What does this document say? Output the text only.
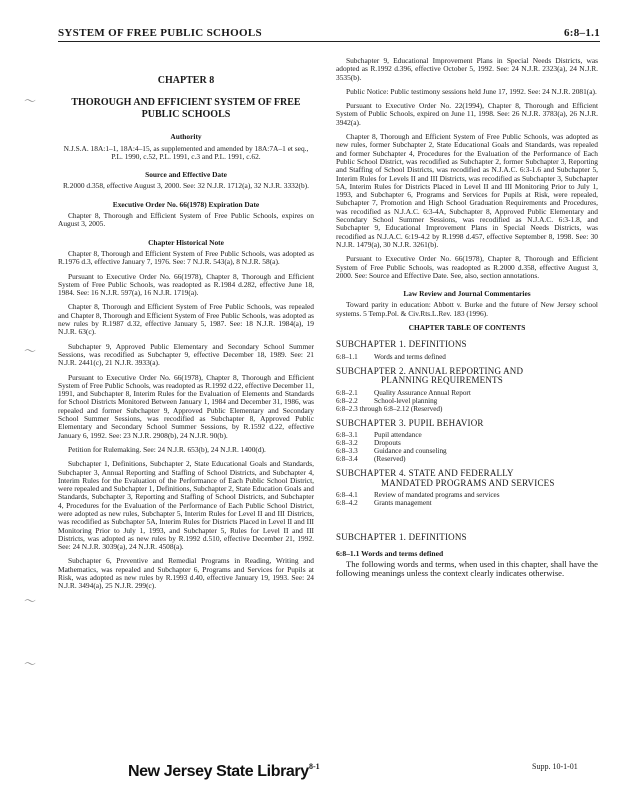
SYSTEM OF FREE PUBLIC SCHOOLS	6:8–1.1
〜
〜
〜
〜
CHAPTER 8
THOROUGH AND EFFICIENT SYSTEM OF FREE PUBLIC SCHOOLS
Authority

N.J.S.A. 18A:1–1, 18A:4–15, as supplemented and amended by 18A:7A–1 et seq., P.L. 1990, c.52, P.L. 1991, c.3 and P.L. 1991, c.62.

Source and Effective Date

R.2000 d.358, effective August 3, 2000. See: 32 N.J.R. 1712(a), 32 N.J.R. 3332(b).

Executive Order No. 66(1978) Expiration Date

Chapter 8, Thorough and Efficient System of Free Public Schools, expires on August 3, 2005.

Chapter Historical Note

Chapter 8, Thorough and Efficient System of Free Public Schools, was adopted as R.1976 d.3, effective January 7, 1976. See: 7 N.J.R. 543(a), 8 N.J.R. 58(a).

Pursuant to Executive Order No. 66(1978), Chapter 8, Thorough and Efficient System of Free Public Schools, was readopted as R.1984 d.282, effective June 18, 1984. See: 16 N.J.R. 597(a), 16 N.J.R. 1719(a).

Chapter 8, Thorough and Efficient System of Free Public Schools, was repealed and Chapter 8, Thorough and Efficient System of Free Public Schools, was adopted as new rules by R.1987 d.32, effective January 5, 1987. See: 18 N.J.R. 1984(a), 19 N.J.R. 63(c).

Subchapter 9, Approved Public Elementary and Secondary School Summer Sessions, was recodified as Subchapter 9, effective December 18, 1989. See: 21 N.J.R. 2441(c), 21 N.J.R. 3933(a).

Pursuant to Executive Order No. 66(1978), Chapter 8, Thorough and Efficient System of Free Public Schools, was readopted as R.1992 d.22, effective December 11, 1991, and Subchapter 8, Interim Rules for the Evaluation of Elements and Standards for School Districts Monitored Between January 1, 1984 and December 31, 1986, was repealed and former Subchapter 9, Approved Public Elementary and Secondary School Summer Sessions, was recodified as Subchapter 8, Approved Public Elementary and Secondary School Summer Sessions, by R.1592 d.22, effective January 6, 1992. See: 23 N.J.R. 2908(b), 24 N.J.R. 90(b).

Petition for Rulemaking. See: 24 N.J.R. 653(b), 24 N.J.R. 1400(d).

Subchapter 1, Definitions, Subchapter 2, State Educational Goals and Standards, Subchapter 3, Annual Reporting and Staffing of School Districts, and Subchapter 4, Interim Rules for the Evaluation of the Performance of Each Public School District, were repealed and Subchapter 1, Definitions, Subchapter 2, State Education Goals and Standards, Subchapter 3, Reporting and Staffing of School Districts, and Subchapter 4, Procedures for the Evaluation of the Performance of Each Public School District, were adopted as new rules, Subchapter 5, Interim Rules for Level II and III Districts, was recodified as Subchapter 5A, Interim Rules for Districts Placed in Level II and III Monitoring Prior to July 1, 1993, and Subchapter 5, Rules for Level II and III Districts, was adopted as new rules by R.1992 d.510, effective December 21, 1992. See: 24 N.J.R. 3039(a), 24 N.J.R. 4508(a).

Subchapter 6, Preventive and Remedial Programs in Reading, Writing and Mathematics, was repealed and Subchapter 6, Programs and Services for Pupils at Risk, was adopted as new rules by R.1993 d.40, effective January 19, 1993. See: 24 N.J.R. 3494(a), 25 N.J.R. 299(c).

Subchapter 9, Educational Improvement Plans in Special Needs Districts, was adopted as R.1992 d.396, effective October 5, 1992. See: 24 N.J.R. 2323(a), 24 N.J.R. 3535(b).

Public Notice: Public testimony sessions held June 17, 1992. See: 24 N.J.R. 2081(a).

Pursuant to Executive Order No. 22(1994), Chapter 8, Thorough and Efficient System of Public Schools, expired on June 11, 1998. See: 26 N.J.R. 3783(a), 26 N.J.R. 3942(a).

Chapter 8, Thorough and Efficient System of Free Public Schools, was adopted as new rules, former Subchapter 2, State Educational Goals and Standards, was repealed and former Subchapter 4, Procedures for the Evaluation of the Performance of Each Public School District, was recodified as Subchapter 2, former Subchapter 3, Reporting and Staffing of School Districts, was recodified as N.J.A.C. 6:3-1.6 and Subchapter 5, Interim Rules for Levels II and III Districts, was recodified as Subchapter 3, Subchapter 5A, Interim Rules for Districts Placed in Level II and III Monitoring Prior to July 1, 1993, and Subchapter 6, Programs and Services for Pupils at Risk, were repealed, Subchapter 7, Promotion and High School Graduation Requirements and Procedures, was recodified as N.J.A.C. 6:3-4A, Subchapter 8, Approved Public Elementary and Secondary School Summer Sessions, was recodified as N.J.A.C. 6:3-1.8, and Subchapter 9, Educational Improvement Plans in Special Needs Districts, was recodified as N.J.A.C. 6:19-4.2 by R.1998 d.457, effective September 8, 1998. See: 30 N.J.R. 1479(a), 30 N.J.R. 3261(b).

Pursuant to Executive Order No. 66(1978), Chapter 8, Thorough and Efficient System of Free Public Schools, was readopted as R.2000 d.358, effective August 3, 2000. See: Source and Effective Date. See, also, section annotations.

Law Review and Journal Commentaries

Toward parity in education: Abbott v. Burke and the future of New Jersey school systems. 5 Temp.Pol. & Civ.Rts.L.Rev. 183 (1996).

CHAPTER TABLE OF CONTENTS
SUBCHAPTER 1. DEFINITIONS
6:8–1.1	Words and terms defined
SUBCHAPTER 2. ANNUAL REPORTING AND
PLANNING REQUIREMENTS
6:8–2.1	Quality Assurance Annual Report
6:8–2.2	School-level planning
6:8–2.3 through 6:8–2.12 (Reserved)
SUBCHAPTER 3. PUPIL BEHAVIOR
6:8–3.1	Pupil attendance
6:8–3.2	Dropouts
6:8–3.3	Guidance and counseling
6:8–3.4	(Reserved)
SUBCHAPTER 4. STATE AND FEDERALLY
MANDATED PROGRAMS AND SERVICES
6:8–4.1	Review of mandated programs and services
6:8–4.2	Grants management
SUBCHAPTER 1. DEFINITIONS
6:8–1.1 Words and terms defined

The following words and terms, when used in this chapter, shall have the following meanings unless the context clearly indicates otherwise.

New Jersey State Library 8-1	Supp. 10-1-01
